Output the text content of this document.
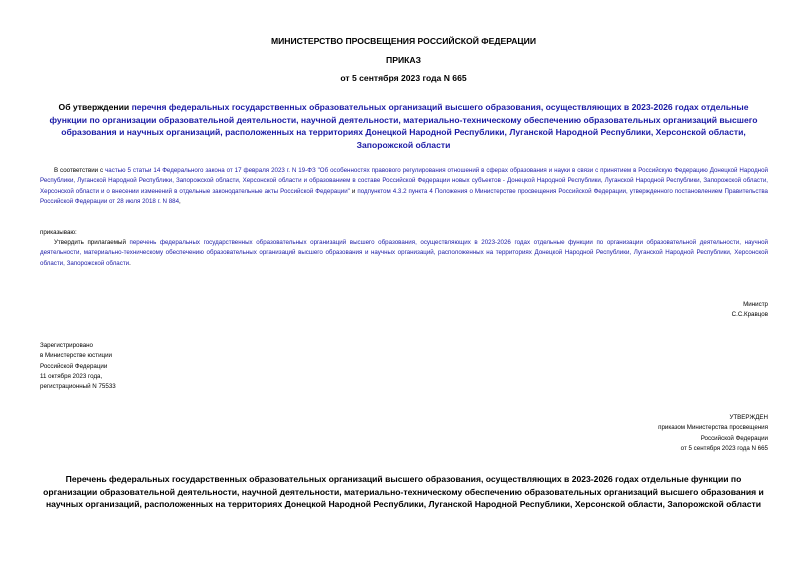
МИНИСТЕРСТВО ПРОСВЕЩЕНИЯ РОССИЙСКОЙ ФЕДЕРАЦИИ
ПРИКАЗ
от 5 сентября 2023 года N 665
Об утверждении перечня федеральных государственных образовательных организаций высшего образования, осуществляющих в 2023-2026 годах отдельные функции по организации образовательной деятельности, научной деятельности, материально-техническому обеспечению образовательных организаций высшего образования и научных организаций, расположенных на территориях Донецкой Народной Республики, Луганской Народной Республики, Херсонской области, Запорожской области
В соответствии с частью 5 статьи 14 Федерального закона от 17 февраля 2023 г. N 19-ФЗ "Об особенностях правового регулирования отношений в сферах образования и науки в связи с принятием в Российскую Федерацию Донецкой Народной Республики, Луганской Народной Республики, Запорожской области, Херсонской области и образованием в составе Российской Федерации новых субъектов - Донецкой Народной Республики, Луганской Народной Республики, Запорожской области, Херсонской области и о внесении изменений в отдельные законодательные акты Российской Федерации" и подпунктом 4.3.2 пункта 4 Положения о Министерстве просвещения Российской Федерации, утвержденного постановлением Правительства Российской Федерации от 28 июля 2018 г. N 884,
приказываю:
Утвердить прилагаемый перечень федеральных государственных образовательных организаций высшего образования, осуществляющих в 2023-2026 годах отдельные функции по организации образовательной деятельности, научной деятельности, материально-техническому обеспечению образовательных организаций высшего образования и научных организаций, расположенных на территориях Донецкой Народной Республики, Луганской Народной Республики, Херсонской области, Запорожской области.
Министр
С.С.Кравцов
Зарегистрировано
в Министерстве юстиции
Российской Федерации
11 октября 2023 года,
регистрационный N 75533
УТВЕРЖДЕН
приказом Министерства просвещения
Российской Федерации
от 5 сентября 2023 года N 665
Перечень федеральных государственных образовательных организаций высшего образования, осуществляющих в 2023-2026 годах отдельные функции по организации образовательной деятельности, научной деятельности, материально-техническому обеспечению образовательных организаций высшего образования и научных организаций, расположенных на территориях Донецкой Народной Республики, Луганской Народной Республики, Херсонской области, Запорожской области
